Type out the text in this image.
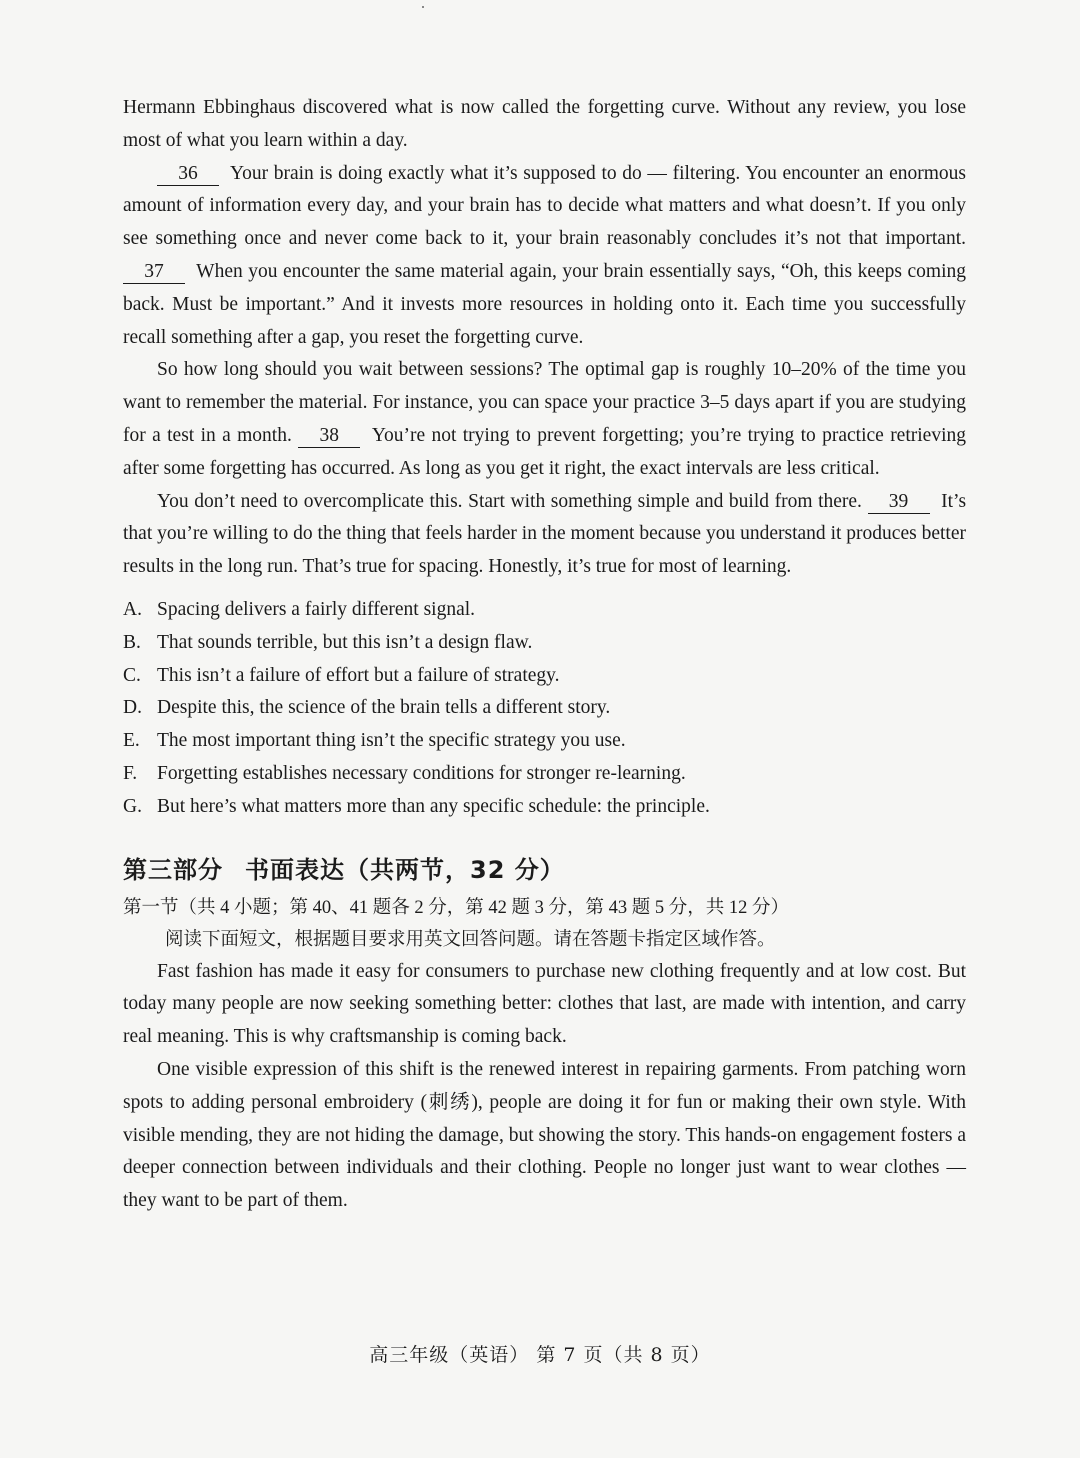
Hermann Ebbinghaus discovered what is now called the forgetting curve. Without any review, you lose most of what you learn within a day.

36 Your brain is doing exactly what it’s supposed to do — filtering. You encounter an enormous amount of information every day, and your brain has to decide what matters and what doesn’t. If you only see something once and never come back to it, your brain reasonably concludes it’s not that important. 37 When you encounter the same material again, your brain essentially says, “Oh, this keeps coming back. Must be important.” And it invests more resources in holding onto it. Each time you successfully recall something after a gap, you reset the forgetting curve.

So how long should you wait between sessions? The optimal gap is roughly 10–20% of the time you want to remember the material. For instance, you can space your practice 3–5 days apart if you are studying for a test in a month. 38 You’re not trying to prevent forgetting; you’re trying to practice retrieving after some forgetting has occurred. As long as you get it right, the exact intervals are less critical.

You don’t need to overcomplicate this. Start with something simple and build from there. 39 It’s that you’re willing to do the thing that feels harder in the moment because you understand it produces better results in the long run. That’s true for spacing. Honestly, it’s true for most of learning.

A. Spacing delivers a fairly different signal.
B. That sounds terrible, but this isn’t a design flaw.
C. This isn’t a failure of effort but a failure of strategy.
D. Despite this, the science of the brain tells a different story.
E. The most important thing isn’t the specific strategy you use.
F. Forgetting establishes necessary conditions for stronger re-learning.
G. But here’s what matters more than any specific schedule: the principle.
第三部分 书面表达（共两节，32 分）
第一节（共 4 小题；第 40、41 题各 2 分，第 42 题 3 分，第 43 题 5 分，共 12 分）
阅读下面短文，根据题目要求用英文回答问题。请在答题卡指定区域作答。

Fast fashion has made it easy for consumers to purchase new clothing frequently and at low cost. But today many people are now seeking something better: clothes that last, are made with intention, and carry real meaning. This is why craftsmanship is coming back.

One visible expression of this shift is the renewed interest in repairing garments. From patching worn spots to adding personal embroidery (刺绣), people are doing it for fun or making their own style. With visible mending, they are not hiding the damage, but showing the story. This hands-on engagement fosters a deeper connection between individuals and their clothing. People no longer just want to wear clothes — they want to be part of them.

高三年级（英语） 第 7 页（共 8 页）
